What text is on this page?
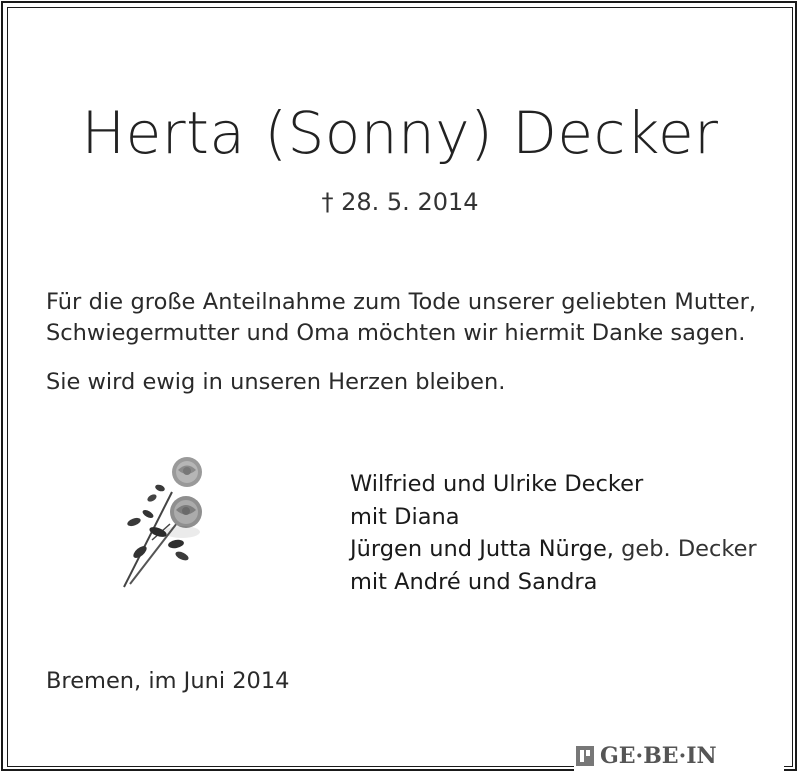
Herta (Sonny) Decker
† 28. 5. 2014
Für die große Anteilnahme zum Tode unserer geliebten Mutter,
Schwiegermutter und Oma möchten wir hiermit Danke sagen.
Sie wird ewig in unseren Herzen bleiben.
Wilfried und Ulrike Decker
mit Diana
Jürgen und Jutta Nürge, geb. Decker
mit André und Sandra
Bremen, im Juni 2014
GE·BE·IN
